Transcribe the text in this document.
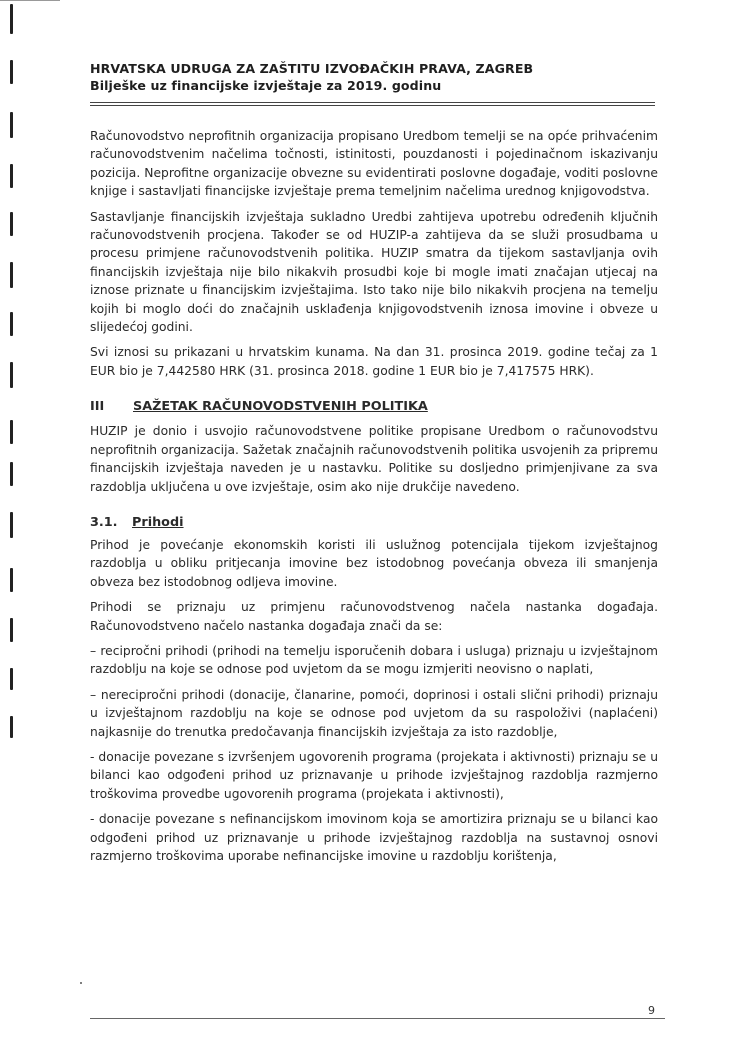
HRVATSKA UDRUGA ZA ZAŠTITU IZVOĐAČKIH PRAVA, ZAGREB
Bilješke uz financijske izvještaje za 2019. godinu

Računovodstvo neprofitnih organizacija propisano Uredbom temelji se na opće prihvaćenim računovodstvenim načelima točnosti, istinitosti, pouzdanosti i pojedinačnom iskazivanju pozicija. Neprofitne organizacije obvezne su evidentirati poslovne događaje, voditi poslovne knjige i sastavljati financijske izvještaje prema temeljnim načelima urednog knjigovodstva.

Sastavljanje financijskih izvještaja sukladno Uredbi zahtijeva upotrebu određenih ključnih računovodstvenih procjena. Također se od HUZIP-a zahtijeva da se služi prosudbama u procesu primjene računovodstvenih politika. HUZIP smatra da tijekom sastavljanja ovih financijskih izvještaja nije bilo nikakvih prosudbi koje bi mogle imati značajan utjecaj na iznose priznate u financijskim izvještajima. Isto tako nije bilo nikakvih procjena na temelju kojih bi moglo doći do značajnih usklađenja knjigovodstvenih iznosa imovine i obveze u slijedećoj godini.

Svi iznosi su prikazani u hrvatskim kunama. Na dan 31. prosinca 2019. godine tečaj za 1 EUR bio je 7,442580 HRK (31. prosinca 2018. godine 1 EUR bio je 7,417575 HRK).

III SAŽETAK RAČUNOVODSTVENIH POLITIKA

HUZIP je donio i usvojio računovodstvene politike propisane Uredbom o računovodstvu neprofitnih organizacija. Sažetak značajnih računovodstvenih politika usvojenih za pripremu financijskih izvještaja naveden je u nastavku. Politike su dosljedno primjenjivane za sva razdoblja uključena u ove izvještaje, osim ako nije drukčije navedeno.

3.1. Prihodi

Prihod je povećanje ekonomskih koristi ili uslužnog potencijala tijekom izvještajnog razdoblja u obliku pritjecanja imovine bez istodobnog povećanja obveza ili smanjenja obveza bez istodobnog odljeva imovine.

Prihodi se priznaju uz primjenu računovodstvenog načela nastanka događaja. Računovodstveno načelo nastanka događaja znači da se:

– recipročni prihodi (prihodi na temelju isporučenih dobara i usluga) priznaju u izvještajnom razdoblju na koje se odnose pod uvjetom da se mogu izmjeriti neovisno o naplati,

– nerecipročni prihodi (donacije, članarine, pomoći, doprinosi i ostali slični prihodi) priznaju u izvještajnom razdoblju na koje se odnose pod uvjetom da su raspoloživi (naplaćeni) najkasnije do trenutka predočavanja financijskih izvještaja za isto razdoblje,

- donacije povezane s izvršenjem ugovorenih programa (projekata i aktivnosti) priznaju se u bilanci kao odgođeni prihod uz priznavanje u prihode izvještajnog razdoblja razmjerno troškovima provedbe ugovorenih programa (projekata i aktivnosti),

- donacije povezane s nefinancijskom imovinom koja se amortizira priznaju se u bilanci kao odgođeni prihod uz priznavanje u prihode izvještajnog razdoblja na sustavnoj osnovi razmjerno troškovima uporabe nefinancijske imovine u razdoblju korištenja,

9
